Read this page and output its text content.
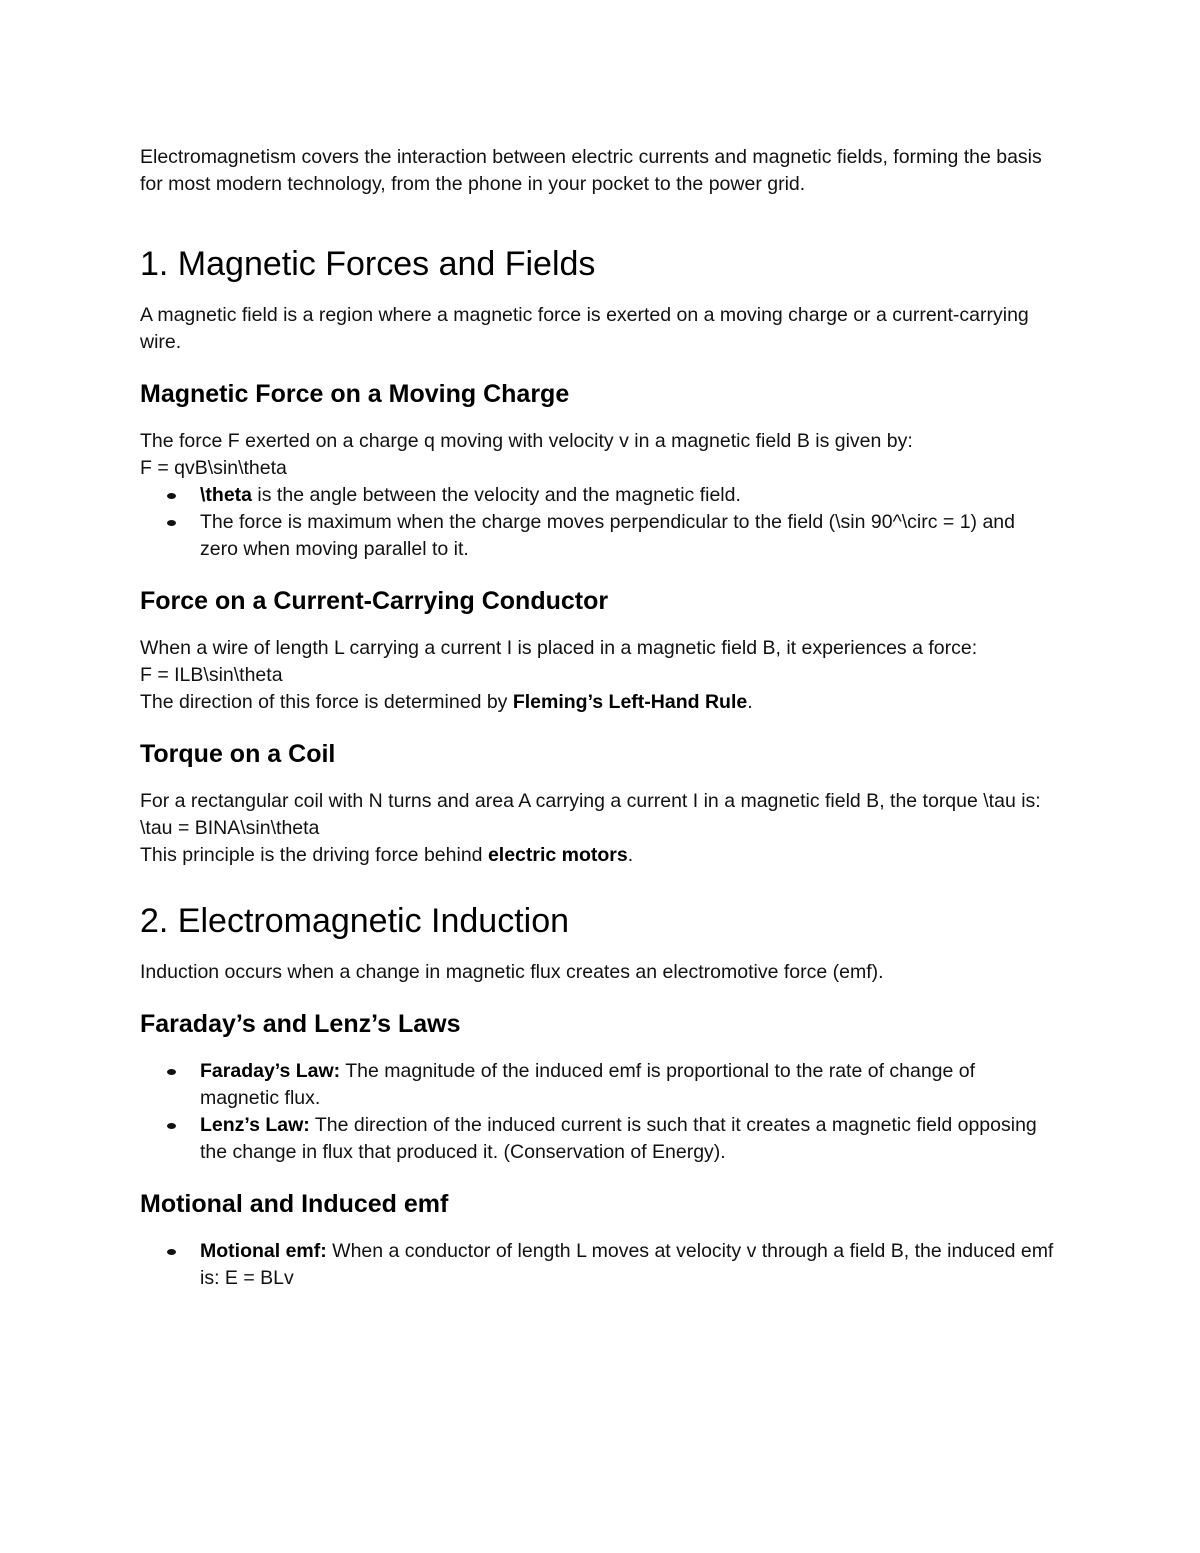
Electromagnetism covers the interaction between electric currents and magnetic fields, forming the basis for most modern technology, from the phone in your pocket to the power grid.

1. Magnetic Forces and Fields

A magnetic field is a region where a magnetic force is exerted on a moving charge or a current-carrying wire.

Magnetic Force on a Moving Charge

The force F exerted on a charge q moving with velocity v in a magnetic field B is given by:

F = qvB\sin\theta

\theta is the angle between the velocity and the magnetic field.
The force is maximum when the charge moves perpendicular to the field (\sin 90^\circ = 1) and zero when moving parallel to it.
Force on a Current-Carrying Conductor

When a wire of length L carrying a current I is placed in a magnetic field B, it experiences a force:

F = ILB\sin\theta

The direction of this force is determined by Fleming’s Left-Hand Rule.

Torque on a Coil

For a rectangular coil with N turns and area A carrying a current I in a magnetic field B, the torque \tau is:

\tau = BINA\sin\theta

This principle is the driving force behind electric motors.

2. Electromagnetic Induction

Induction occurs when a change in magnetic flux creates an electromotive force (emf).

Faraday’s and Lenz’s Laws
Faraday’s Law: The magnitude of the induced emf is proportional to the rate of change of magnetic flux.
Lenz’s Law: The direction of the induced current is such that it creates a magnetic field opposing the change in flux that produced it. (Conservation of Energy).
Motional and Induced emf
Motional emf: When a conductor of length L moves at velocity v through a field B, the induced emf is: E = BLv
